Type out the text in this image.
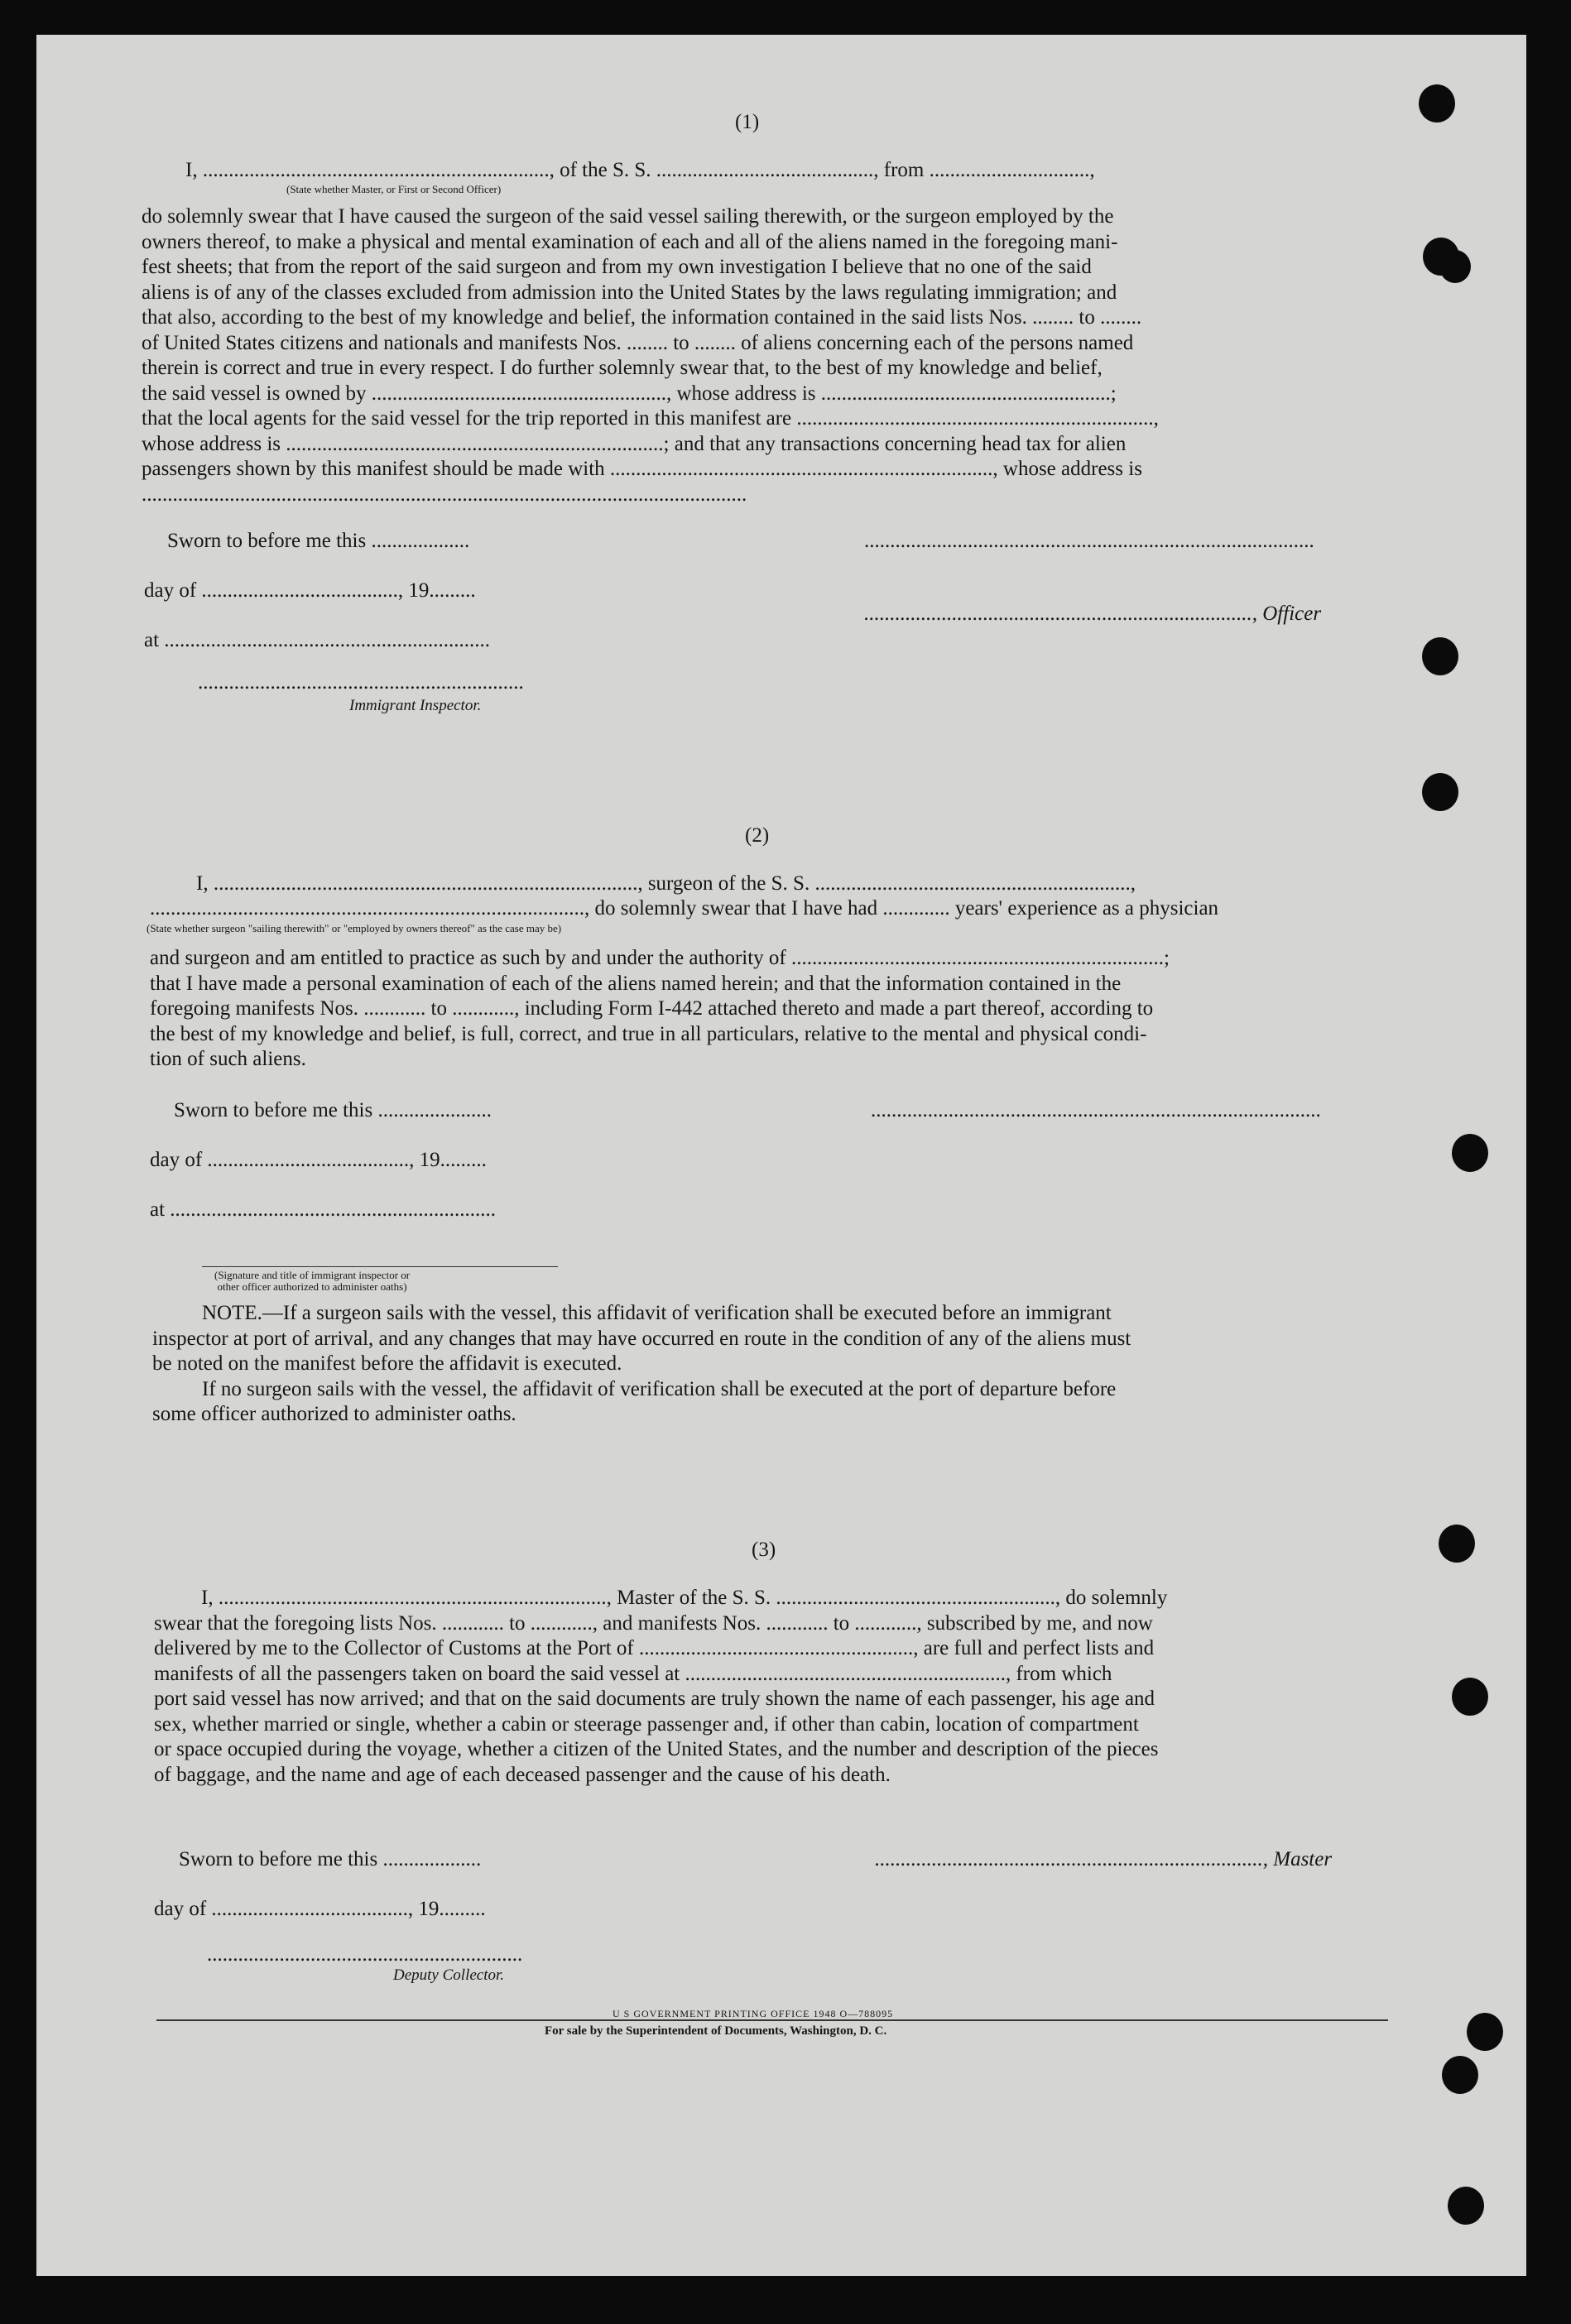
(1)
I, ..................................................................., of the S. S. .........................................., from ...............................,
(State whether Master, or First or Second Officer)
do solemnly swear that I have caused the surgeon of the said vessel sailing therewith, or the surgeon employed by the
owners thereof, to make a physical and mental examination of each and all of the aliens named in the foregoing mani-
fest sheets; that from the report of the said surgeon and from my own investigation I believe that no one of the said
aliens is of any of the classes excluded from admission into the United States by the laws regulating immigration; and
that also, according to the best of my knowledge and belief, the information contained in the said lists Nos. ........ to ........
of United States citizens and nationals and manifests Nos. ........ to ........ of aliens concerning each of the persons named
therein is correct and true in every respect. I do further solemnly swear that, to the best of my knowledge and belief,
the said vessel is owned by ........................................................., whose address is ........................................................;
that the local agents for the said vessel for the trip reported in this manifest are .....................................................................,
whose address is .........................................................................; and that any transactions concerning head tax for alien
passengers shown by this manifest should be made with .........................................................................., whose address is
.....................................................................................................................
Sworn to before me this ...................	.......................................................................................
day of ......................................, 19.........
..........................................................................., Officer
at ...............................................................
...............................................................
Immigrant Inspector.
(2)
I, .................................................................................., surgeon of the S. S. .............................................................,
...................................................................................., do solemnly swear that I have had ............. years' experience as a physician
(State whether surgeon "sailing therewith" or "employed by owners thereof" as the case may be)
and surgeon and am entitled to practice as such by and under the authority of ........................................................................;
that I have made a personal examination of each of the aliens named herein; and that the information contained in the
foregoing manifests Nos. ............ to ............, including Form I-442 attached thereto and made a part thereof, according to
the best of my knowledge and belief, is full, correct, and true in all particulars, relative to the mental and physical condi-
tion of such aliens.
Sworn to before me this ......................	.......................................................................................
day of ......................................., 19.........
at ...............................................................
(Signature and title of immigrant inspector or
other officer authorized to administer oaths)
NOTE.—If a surgeon sails with the vessel, this affidavit of verification shall be executed before an immigrant
inspector at port of arrival, and any changes that may have occurred en route in the condition of any of the aliens must
be noted on the manifest before the affidavit is executed.
If no surgeon sails with the vessel, the affidavit of verification shall be executed at the port of departure before
some officer authorized to administer oaths.
(3)
I, ..........................................................................., Master of the S. S. ......................................................, do solemnly
swear that the foregoing lists Nos. ............ to ............, and manifests Nos. ............ to ............, subscribed by me, and now
delivered by me to the Collector of Customs at the Port of ....................................................., are full and perfect lists and
manifests of all the passengers taken on board the said vessel at .............................................................., from which
port said vessel has now arrived; and that on the said documents are truly shown the name of each passenger, his age and
sex, whether married or single, whether a cabin or steerage passenger and, if other than cabin, location of compartment
or space occupied during the voyage, whether a citizen of the United States, and the number and description of the pieces
of baggage, and the name and age of each deceased passenger and the cause of his death.
Sworn to before me this ...................	..........................................................................., Master
day of ......................................, 19.........
.............................................................
Deputy Collector.
U S GOVERNMENT PRINTING OFFICE 1948 O—788095
For sale by the Superintendent of Documents, Washington, D. C.
